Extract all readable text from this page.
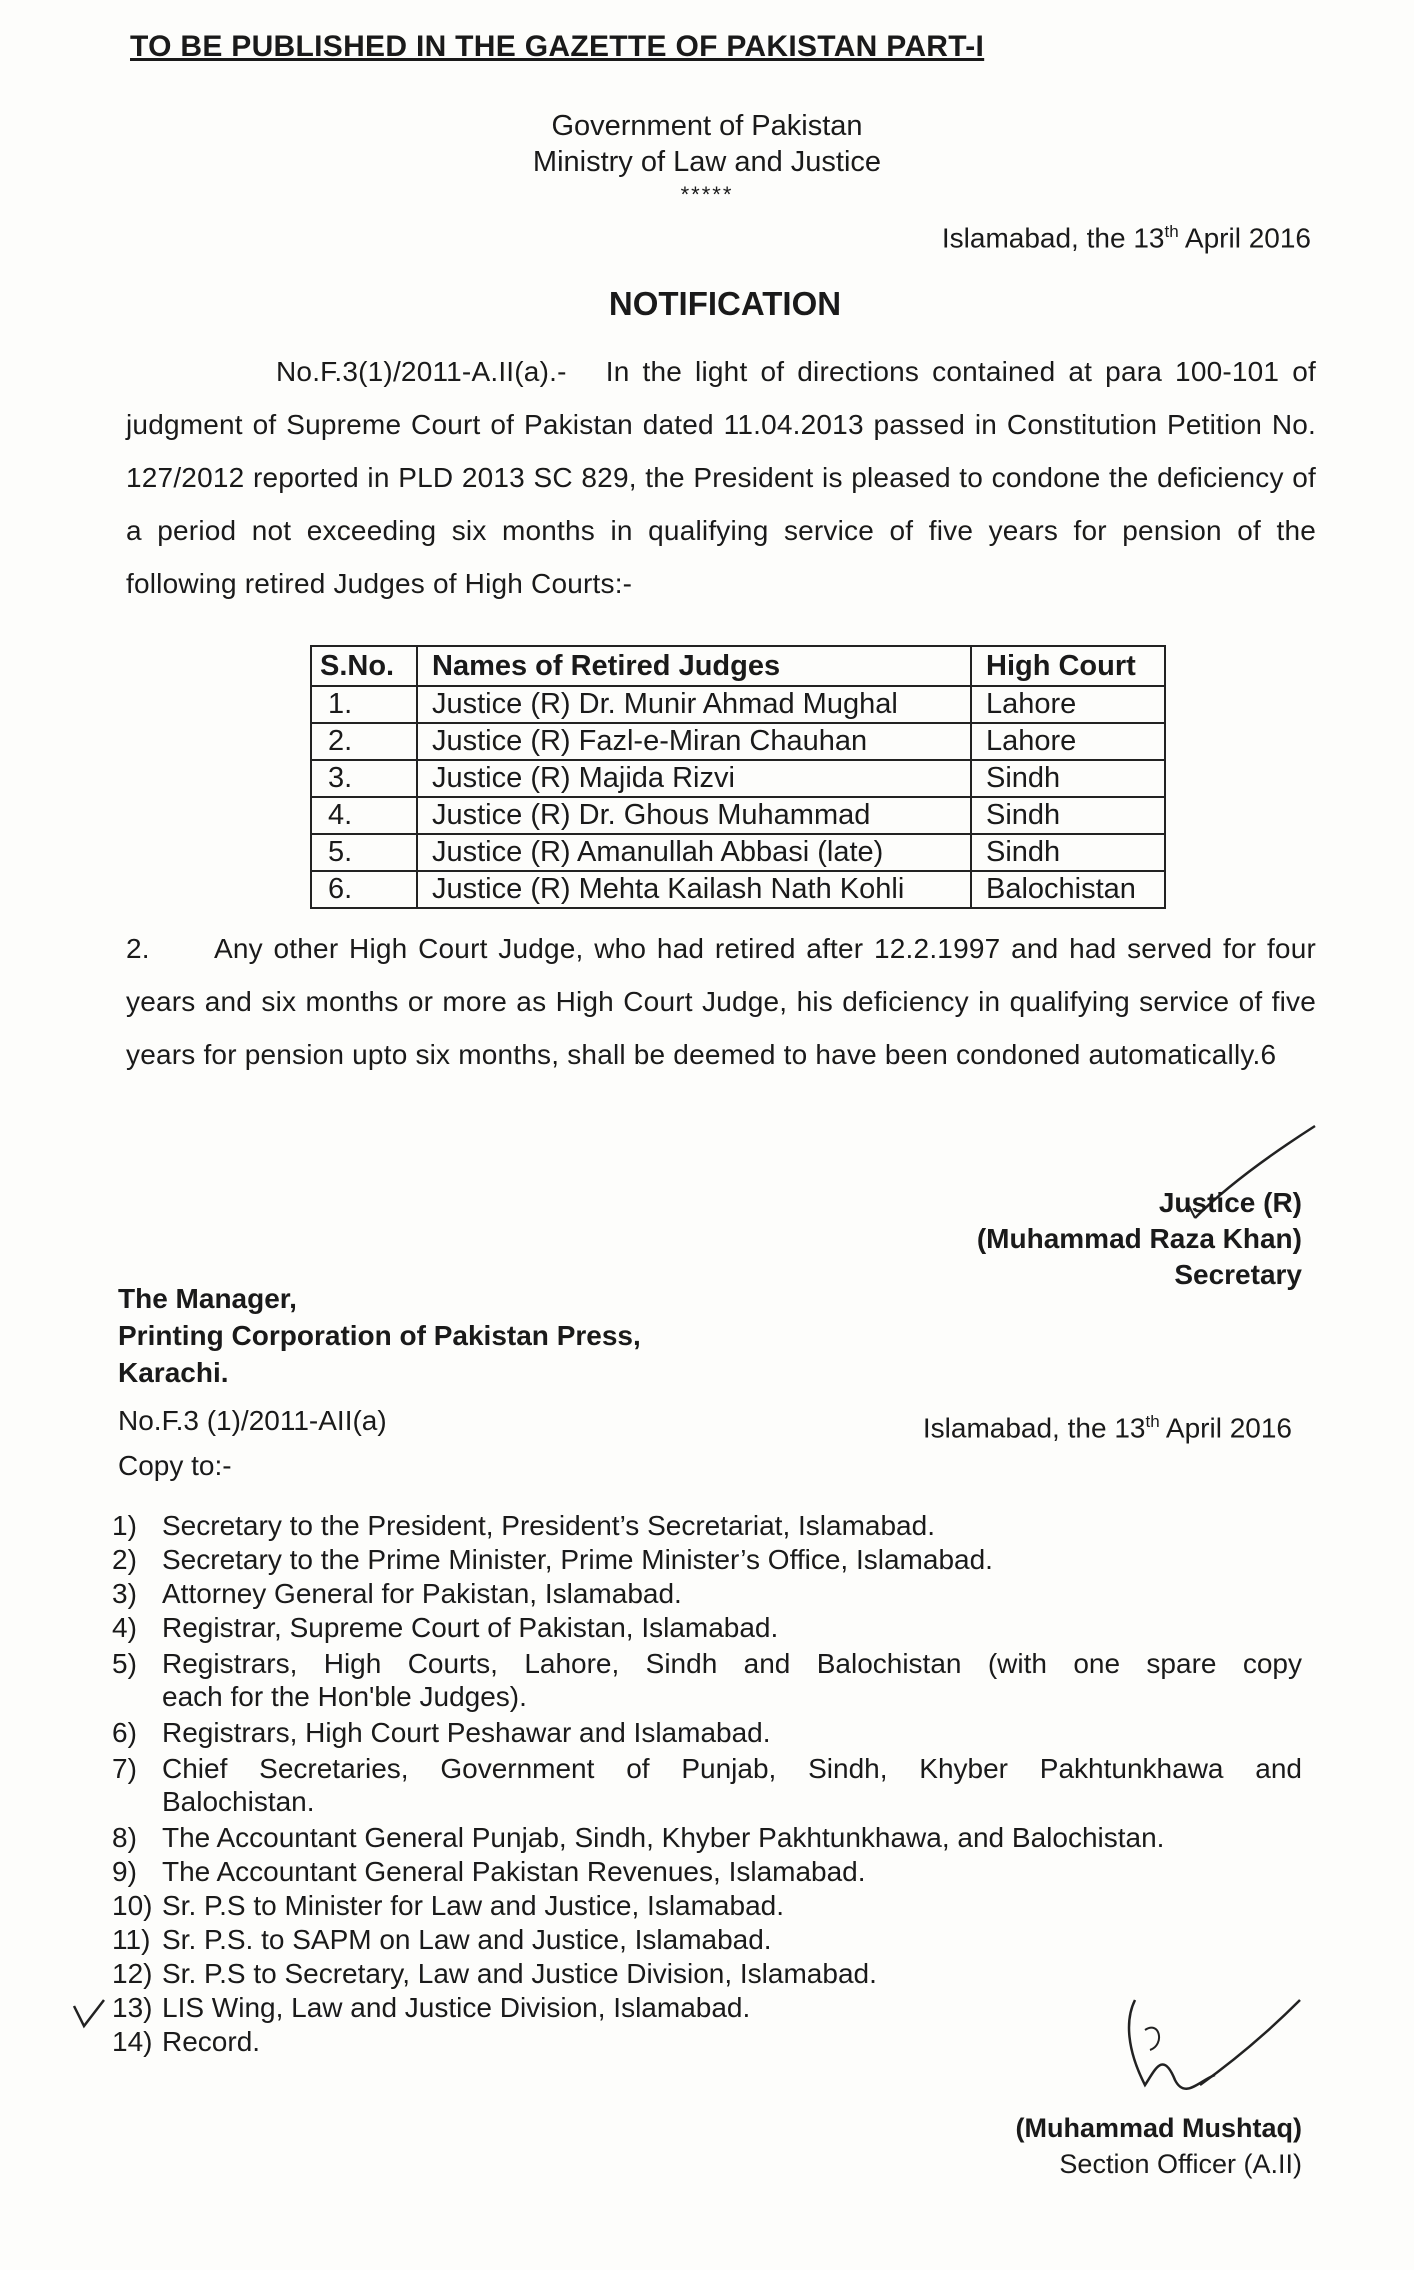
TO BE PUBLISHED IN THE GAZETTE OF PAKISTAN PART-I
Government of Pakistan
Ministry of Law and Justice
*****
Islamabad, the 13th April 2016
NOTIFICATION
No.F.3(1)/2011-A.II(a).- In the light of directions contained at para 100-101 of judgment of Supreme Court of Pakistan dated 11.04.2013 passed in Constitution Petition No. 127/2012 reported in PLD 2013 SC 829, the President is pleased to condone the deficiency of a period not exceeding six months in qualifying service of five years for pension of the following retired Judges of High Courts:-
S.No.	Names of Retired Judges	High Court
1.	Justice (R) Dr. Munir Ahmad Mughal	Lahore
2.	Justice (R) Fazl-e-Miran Chauhan	Lahore
3.	Justice (R) Majida Rizvi	Sindh
4.	Justice (R) Dr. Ghous Muhammad	Sindh
5.	Justice (R) Amanullah Abbasi (late)	Sindh
6.	Justice (R) Mehta Kailash Nath Kohli	Balochistan
2. Any other High Court Judge, who had retired after 12.2.1997 and had served for four years and six months or more as High Court Judge, his deficiency in qualifying service of five years for pension upto six months, shall be deemed to have been condoned automatically.6
Justice (R)
(Muhammad Raza Khan)
Secretary
The Manager,
Printing Corporation of Pakistan Press,
Karachi.
No.F.3 (1)/2011-AII(a)	Islamabad, the 13th April 2016
Copy to:-
1) Secretary to the President, President’s Secretariat, Islamabad.
2) Secretary to the Prime Minister, Prime Minister’s Office, Islamabad.
3) Attorney General for Pakistan, Islamabad.
4) Registrar, Supreme Court of Pakistan, Islamabad.
5) Registrars, High Courts, Lahore, Sindh and Balochistan (with one spare copy
each for the Hon'ble Judges).
6) Registrars, High Court Peshawar and Islamabad.
7) Chief Secretaries, Government of Punjab, Sindh, Khyber Pakhtunkhawa and
Balochistan.
8) The Accountant General Punjab, Sindh, Khyber Pakhtunkhawa, and Balochistan.
9) The Accountant General Pakistan Revenues, Islamabad.
10) Sr. P.S to Minister for Law and Justice, Islamabad.
11) Sr. P.S. to SAPM on Law and Justice, Islamabad.
12) Sr. P.S to Secretary, Law and Justice Division, Islamabad.
13) LIS Wing, Law and Justice Division, Islamabad.
14) Record.
(Muhammad Mushtaq)
Section Officer (A.II)
